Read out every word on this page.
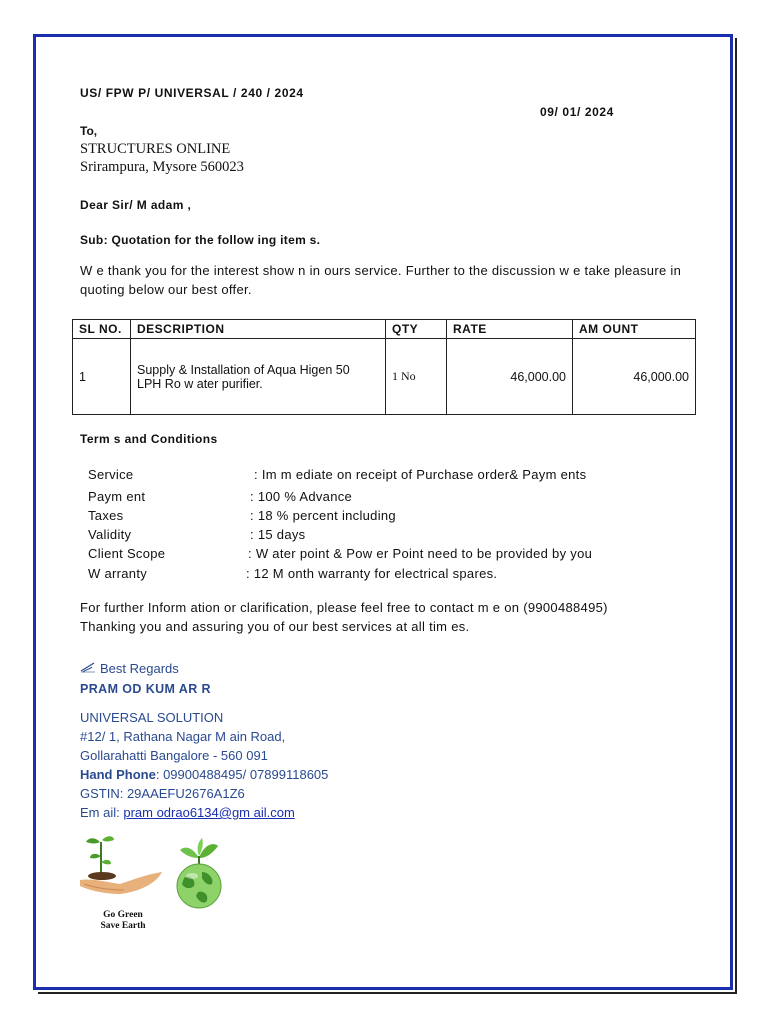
US/ FPW P/ UNIVERSAL / 240 / 2024
09/ 01/ 2024
To,
STRUCTURES ONLINE
Srirampura, Mysore 560023
Dear Sir/ M adam ,
Sub: Quotation for the follow ing item s.
W e thank you for the interest show n in ours service. Further to the discussion w e take pleasure in
quoting below our best offer.
SL NO.	DESCRIPTION	QTY	RATE	AM OUNT
1	Supply & Installation of Aqua Higen 50
LPH Ro w ater purifier.	1 No	46,000.00	46,000.00
Term s and Conditions
Service	: Im m ediate on receipt of Purchase order& Paym ents
Paym ent	: 100 % Advance
Taxes	: 18 % percent including
Validity	: 15 days
Client Scope	: W ater point & Pow er Point need to be provided by you
W arranty	: 12 M onth warranty for electrical spares.
For further Inform ation or clarification, please feel free to contact m e on (9900488495)
Thanking you and assuring you of our best services at all tim es.
Best Regards
PRAM OD KUM AR R
UNIVERSAL SOLUTION
#12/ 1, Rathana Nagar M ain Road,
Gollarahatti Bangalore - 560 091
Hand Phone: 09900488495/ 07899118605
GSTIN: 29AAEFU2676A1Z6
Em ail: pram odrao6134@gm ail.com
Go Green
Save Earth
